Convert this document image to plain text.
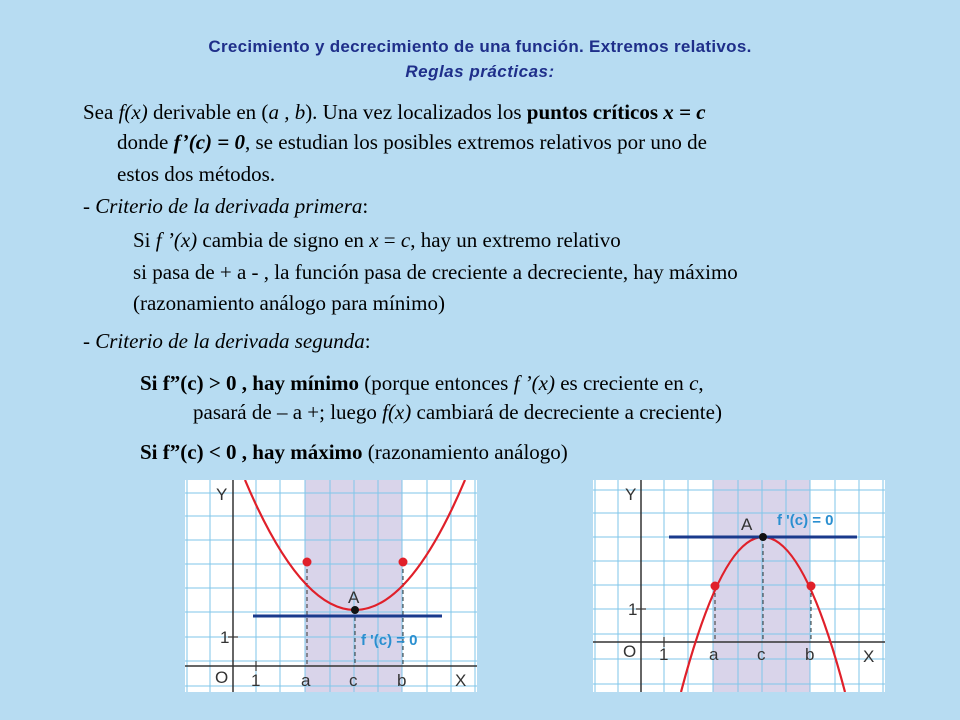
Crecimiento y decrecimiento de una función. Extremos relativos.
Reglas prácticas:
Sea f(x) derivable en (a , b). Una vez localizados los puntos críticos x = c
donde f’(c) = 0, se estudian los posibles extremos relativos por uno de
estos dos métodos.
- Criterio de la derivada primera:
Si f ’(x) cambia de signo en x = c, hay un extremo relativo
si pasa de + a - , la función pasa de creciente a decreciente, hay máximo
(razonamiento análogo para mínimo)
- Criterio de la derivada segunda:
Si f”(c) > 0 , hay mínimo (porque entonces f ’(x) es creciente en c,
pasará de – a +; luego f(x) cambiará de decreciente a creciente)
Si f”(c) < 0 , hay máximo (razonamiento análogo)
Y
X
O 1
1
a c b
A
f '(c) = 0
Y
X
O 1
1
a c b
A f '(c) = 0
